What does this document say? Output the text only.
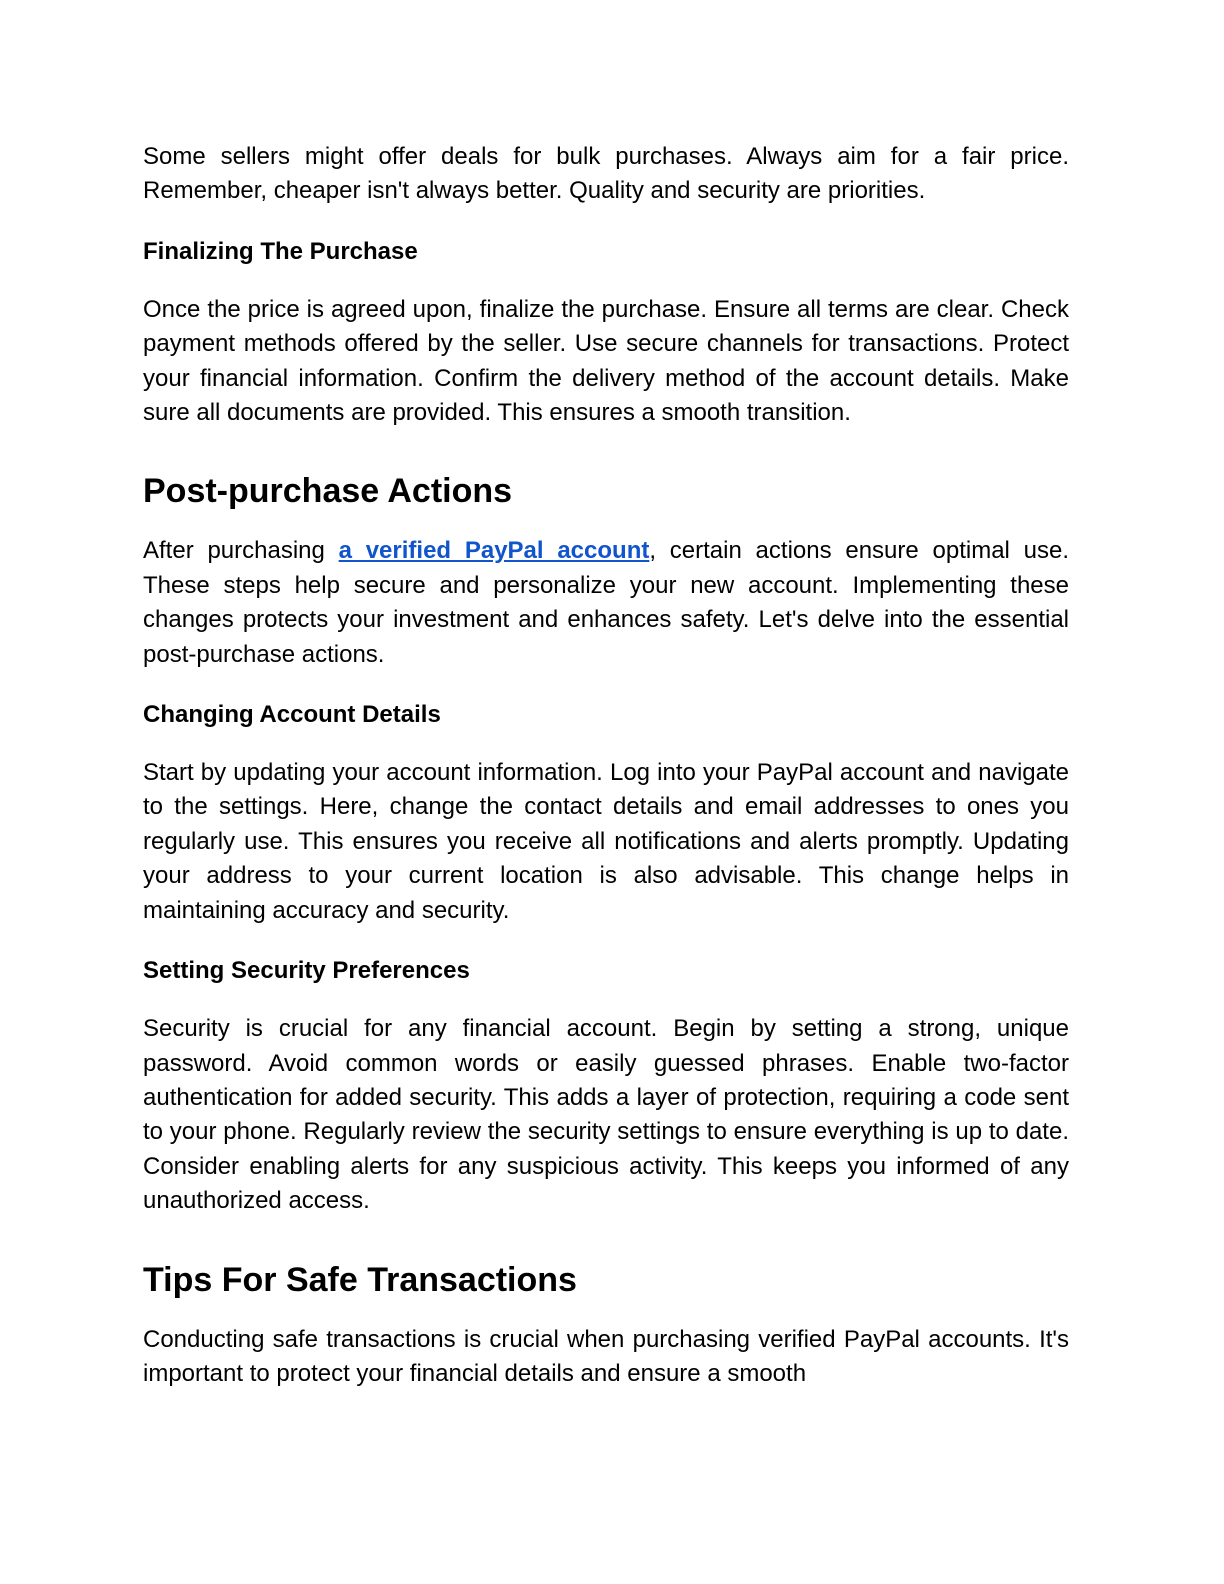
Some sellers might offer deals for bulk purchases. Always aim for a fair price. Remember, cheaper isn't always better. Quality and security are priorities.

Finalizing The Purchase

Once the price is agreed upon, finalize the purchase. Ensure all terms are clear. Check payment methods offered by the seller. Use secure channels for transactions. Protect your financial information. Confirm the delivery method of the account details. Make sure all documents are provided. This ensures a smooth transition.

Post-purchase Actions

After purchasing a verified PayPal account, certain actions ensure optimal use. These steps help secure and personalize your new account. Implementing these changes protects your investment and enhances safety. Let's delve into the essential post-purchase actions.

Changing Account Details

Start by updating your account information. Log into your PayPal account and navigate to the settings. Here, change the contact details and email addresses to ones you regularly use. This ensures you receive all notifications and alerts promptly. Updating your address to your current location is also advisable. This change helps in maintaining accuracy and security.

Setting Security Preferences

Security is crucial for any financial account. Begin by setting a strong, unique password. Avoid common words or easily guessed phrases. Enable two-factor authentication for added security. This adds a layer of protection, requiring a code sent to your phone. Regularly review the security settings to ensure everything is up to date. Consider enabling alerts for any suspicious activity. This keeps you informed of any unauthorized access.

Tips For Safe Transactions

Conducting safe transactions is crucial when purchasing verified PayPal accounts. It's important to protect your financial details and ensure a smooth
